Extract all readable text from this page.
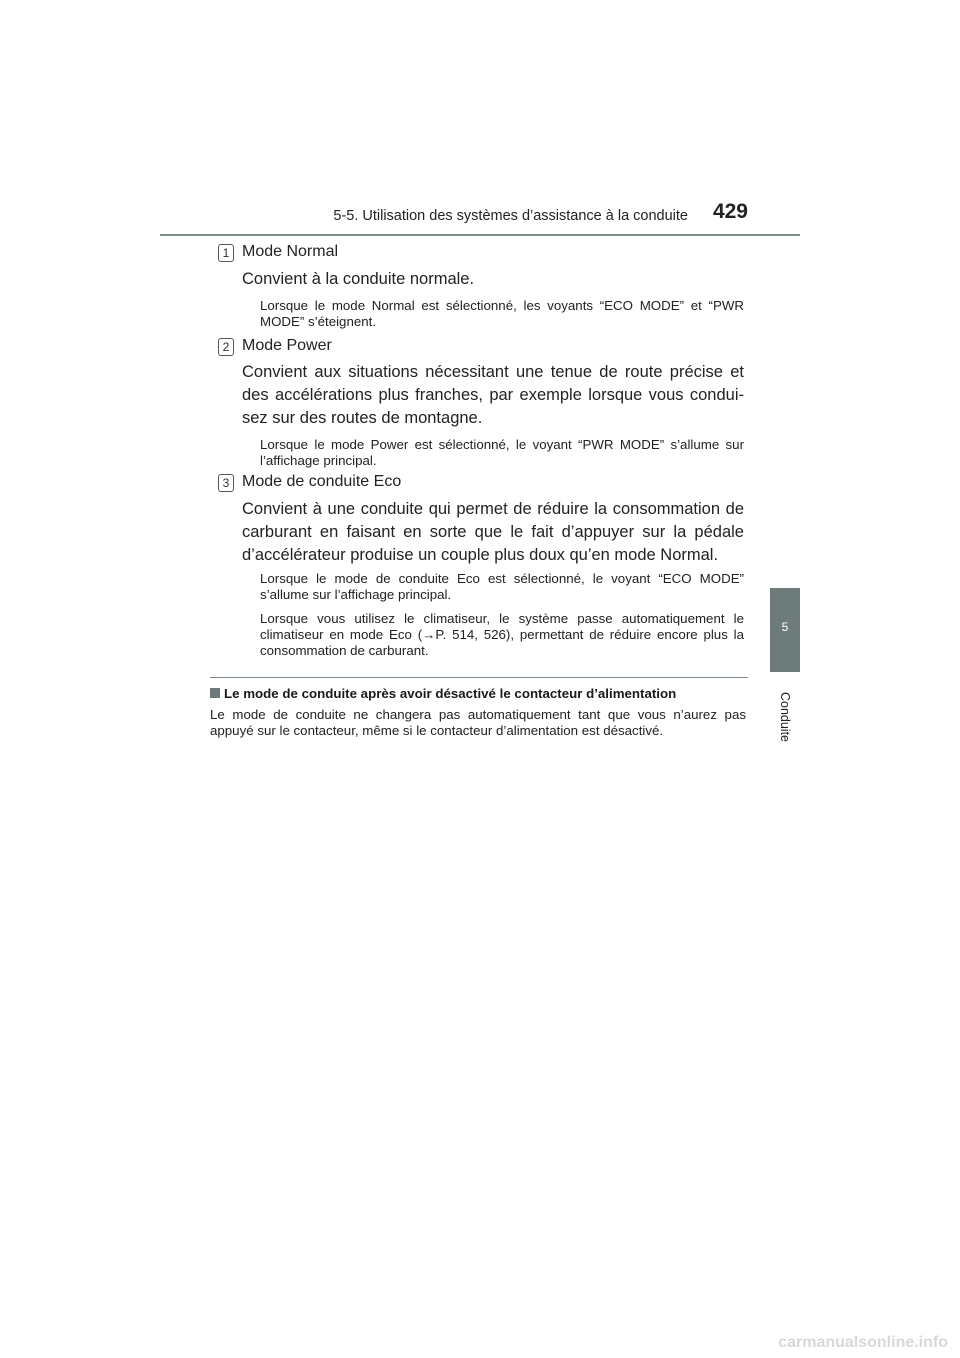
5-5. Utilisation des systèmes d’assistance à la conduite 429
5
Conduite
1 Mode Normal
Convient à la conduite normale.
Lorsque le mode Normal est sélectionné, les voyants “ECO MODE” et “PWR MODE” s’éteignent.
2 Mode Power
Convient aux situations nécessitant une tenue de route précise et des accélérations plus franches, par exemple lorsque vous condui-sez sur des routes de montagne.
Lorsque le mode Power est sélectionné, le voyant “PWR MODE” s’allume sur l’affichage principal.
3 Mode de conduite Eco
Convient à une conduite qui permet de réduire la consommation de carburant en faisant en sorte que le fait d’appuyer sur la pédale d’accélérateur produise un couple plus doux qu’en mode Normal.
Lorsque le mode de conduite Eco est sélectionné, le voyant “ECO MODE” s’allume sur l’affichage principal.
Lorsque vous utilisez le climatiseur, le système passe automatiquement le climatiseur en mode Eco (→P. 514, 526), permettant de réduire encore plus la consommation de carburant.
Le mode de conduite après avoir désactivé le contacteur d’alimentation
Le mode de conduite ne changera pas automatiquement tant que vous n’aurez pas appuyé sur le contacteur, même si le contacteur d’alimentation est désactivé.
carmanualsonline.info
